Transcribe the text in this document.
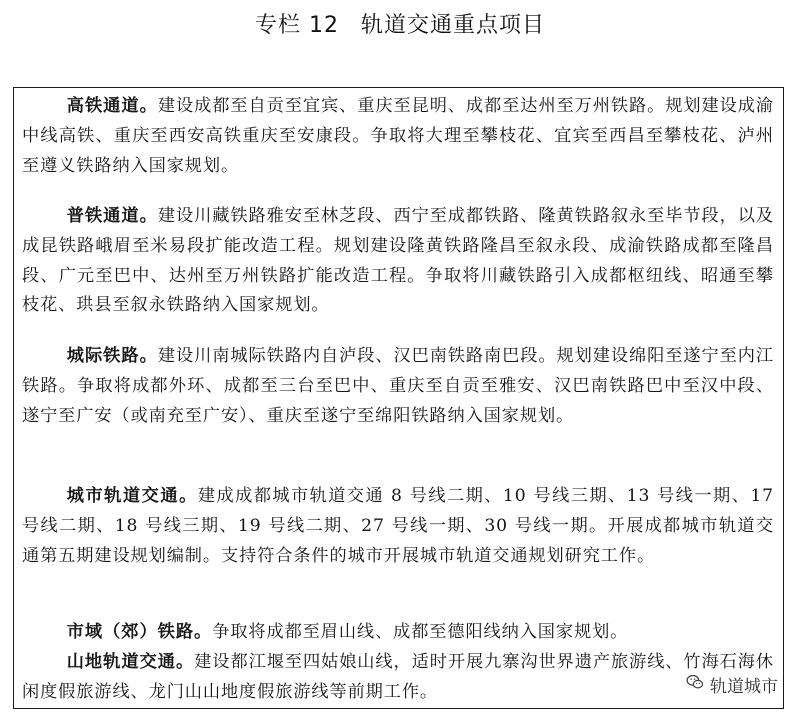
专栏 12 轨道交通重点项目

高铁通道。建设成都至自贡至宜宾、重庆至昆明、成都至达州至万州铁路。规划建设成渝中线高铁、重庆至西安高铁重庆至安康段。争取将大理至攀枝花、宜宾至西昌至攀枝花、泸州至遵义铁路纳入国家规划。

普铁通道。建设川藏铁路雅安至林芝段、西宁至成都铁路、隆黄铁路叙永至毕节段，以及成昆铁路峨眉至米易段扩能改造工程。规划建设隆黄铁路隆昌至叙永段、成渝铁路成都至隆昌段、广元至巴中、达州至万州铁路扩能改造工程。争取将川藏铁路引入成都枢纽线、昭通至攀枝花、珙县至叙永铁路纳入国家规划。

城际铁路。建设川南城际铁路内自泸段、汉巴南铁路南巴段。规划建设绵阳至遂宁至内江铁路。争取将成都外环、成都至三台至巴中、重庆至自贡至雅安、汉巴南铁路巴中至汉中段、遂宁至广安（或南充至广安）、重庆至遂宁至绵阳铁路纳入国家规划。

城市轨道交通。建成成都城市轨道交通 8 号线二期、10 号线三期、13 号线一期、17 号线二期、18 号线三期、19 号线二期、27 号线一期、30 号线一期。开展成都城市轨道交通第五期建设规划编制。支持符合条件的城市开展城市轨道交通规划研究工作。

市域（郊）铁路。争取将成都至眉山线、成都至德阳线纳入国家规划。

山地轨道交通。建设都江堰至四姑娘山线，适时开展九寨沟世界遗产旅游线、竹海石海休闲度假旅游线、龙门山山地度假旅游线等前期工作。	轨道城市
